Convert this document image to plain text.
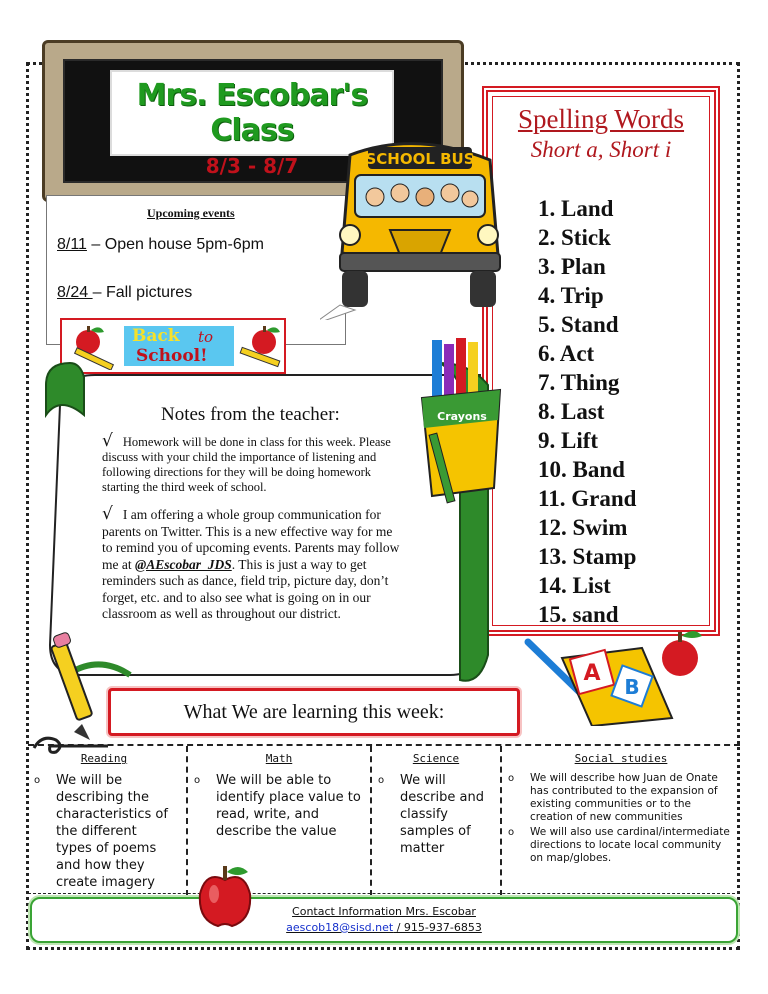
Mrs. Escobar's Class
8/3 - 8/7
Upcoming events
8/11 – Open house 5pm-6pm
8/24 – Fall pictures
Spelling Words
Short a, Short i
1. Land
2. Stick
3. Plan
4. Trip
5. Stand
6. Act
7. Thing
8. Last
9. Lift
10. Band
11. Grand
12. Swim
13. Stamp
14. List
15. sand
SCHOOL BUS
Back to
School!
Crayons
Notes from the teacher:
√ Homework will be done in class for this week. Please discuss with your child the importance of listening and following directions for they will be doing homework starting the third week of school.
√ I am offering a whole group communication for parents on Twitter. This is a new effective way for me to remind you of upcoming events. Parents may follow me at @AEscobar_JDS. This is just a way to get reminders such as dance, field trip, picture day, don’t forget, etc. and to also see what is going on in our classroom as well as throughout our district.
A
B
What We are learning this week:
Reading
o We will be describing the characteristics of the different types of poems and how they create imagery
Math
o We will be able to identify place value to read, write, and describe the value
Science
o We will describe and classify samples of matter
Social studies
o We will describe how Juan de Onate has contributed to the expansion of existing communities or to the creation of new communities
o We will also use cardinal/intermediate directions to locate local community on map/globes.
Contact Information Mrs. Escobar
aescob18@sisd.net / 915-937-6853
